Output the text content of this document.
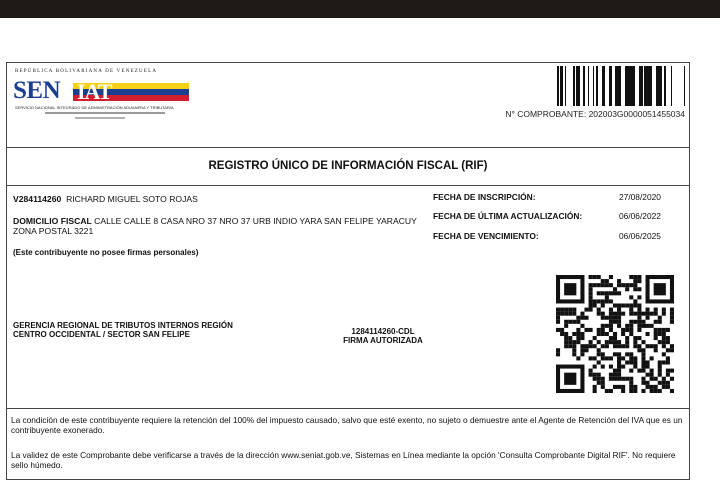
REPÚBLICA BOLIVARIANA DE VENEZUELA
SEN IAT
SERVICIO NACIONAL INTEGRADO DE ADMINISTRACIÓN ADUANERA Y TRIBUTARIA
N° COMPROBANTE: 202003G0000051455034
REGISTRO ÚNICO DE INFORMACIÓN FISCAL (RIF)
V284114260 RICHARD MIGUEL SOTO ROJAS
DOMICILIO FISCAL CALLE CALLE 8 CASA NRO 37 NRO 37 URB INDIO YARA SAN FELIPE YARACUY ZONA POSTAL 3221
(Este contribuyente no posee firmas personales)
FECHA DE INSCRIPCIÓN:	27/08/2020
FECHA DE ÚLTIMA ACTUALIZACIÓN:	06/06/2022
FECHA DE VENCIMIENTO:	06/06/2025
GERENCIA REGIONAL DE TRIBUTOS INTERNOS REGIÓN CENTRO OCCIDENTAL / SECTOR SAN FELIPE	1284114260-CDL
FIRMA AUTORIZADA

La condición de este contribuyente requiere la retención del 100% del impuesto causado, salvo que esté exento, no sujeto o demuestre ante el Agente de Retención del IVA que es un contribuyente exonerado.

La validez de este Comprobante debe verificarse a través de la dirección www.seniat.gob.ve, Sistemas en Línea mediante la opción 'Consulta Comprobante Digital RIF'. No requiere sello húmedo.
